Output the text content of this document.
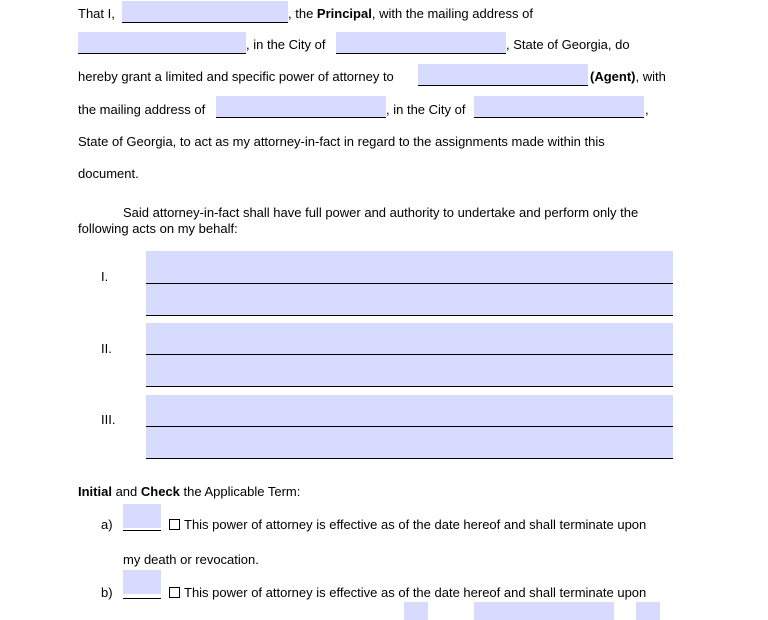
That I,	, the Principal, with the mailing address of
, in the City of	, State of Georgia, do
hereby grant a limited and specific power of attorney to	(Agent), with
the mailing address of	, in the City of	,
State of Georgia, to act as my attorney-in-fact in regard to the assignments made within this
document.
Said attorney-in-fact shall have full power and authority to undertake and perform only the
following acts on my behalf:
I.
II.
III.
Initial and Check the Applicable Term:
a)	This power of attorney is effective as of the date hereof and shall terminate upon
my death or revocation.
b)	This power of attorney is effective as of the date hereof and shall terminate upon
